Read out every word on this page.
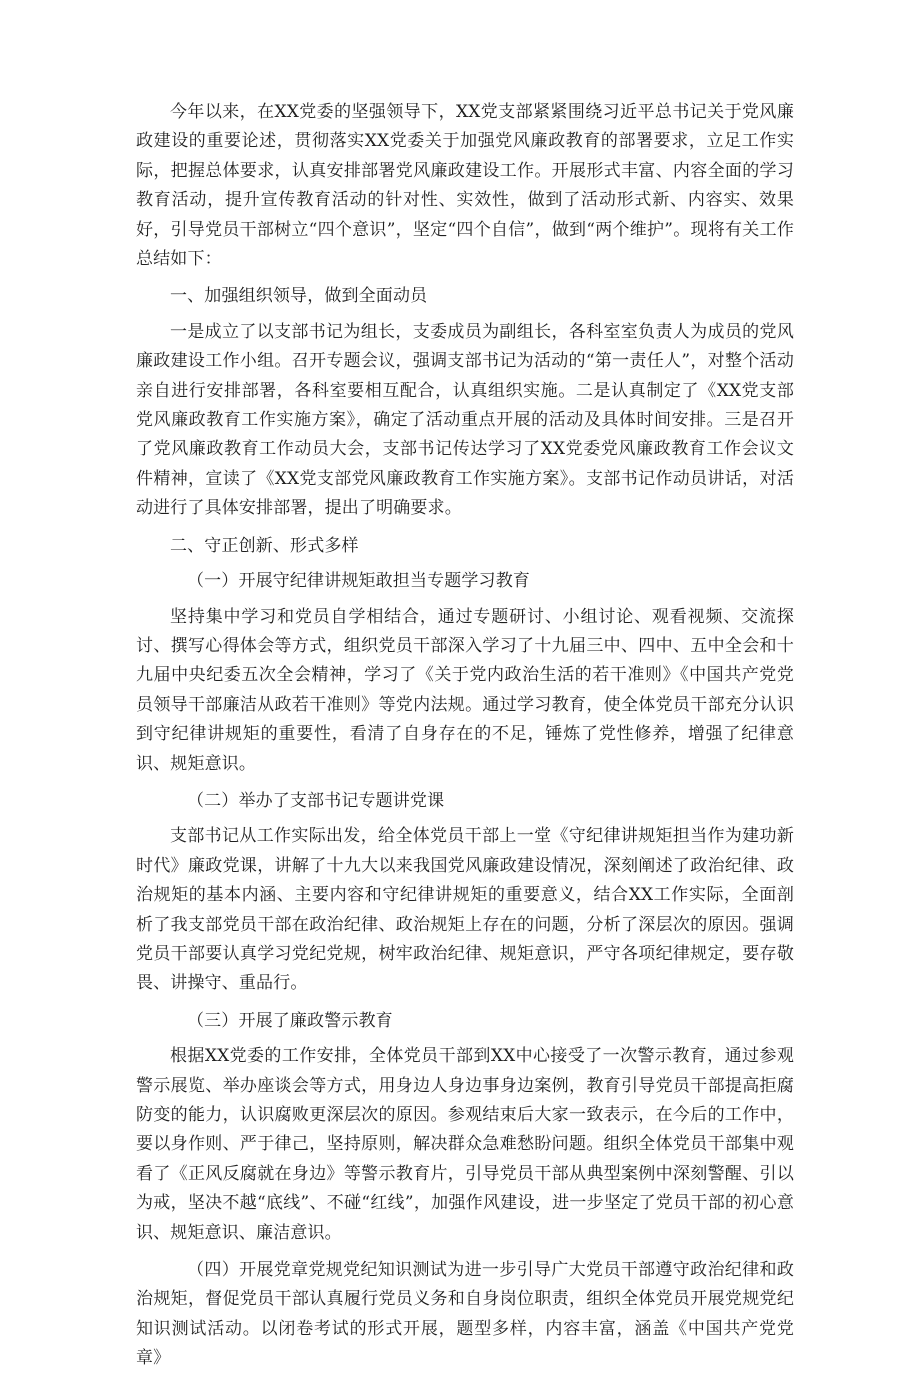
今年以来，在XX党委的坚强领导下，XX党支部紧紧围绕习近平总书记关于党风廉政建设的重要论述，贯彻落实XX党委关于加强党风廉政教育的部署要求，立足工作实际，把握总体要求，认真安排部署党风廉政建设工作。开展形式丰富、内容全面的学习教育活动，提升宣传教育活动的针对性、实效性，做到了活动形式新、内容实、效果好，引导党员干部树立“四个意识”，坚定“四个自信”，做到“两个维护”。现将有关工作总结如下：

一、加强组织领导，做到全面动员

一是成立了以支部书记为组长，支委成员为副组长，各科室室负责人为成员的党风廉政建设工作小组。召开专题会议，强调支部书记为活动的“第一责任人”，对整个活动亲自进行安排部署，各科室要相互配合，认真组织实施。二是认真制定了《XX党支部党风廉政教育工作实施方案》，确定了活动重点开展的活动及具体时间安排。三是召开了党风廉政教育工作动员大会，支部书记传达学习了XX党委党风廉政教育工作会议文件精神，宣读了《XX党支部党风廉政教育工作实施方案》。支部书记作动员讲话，对活动进行了具体安排部署，提出了明确要求。

二、守正创新、形式多样

（一）开展守纪律讲规矩敢担当专题学习教育

坚持集中学习和党员自学相结合，通过专题研讨、小组讨论、观看视频、交流探讨、撰写心得体会等方式，组织党员干部深入学习了十九届三中、四中、五中全会和十九届中央纪委五次全会精神，学习了《关于党内政治生活的若干准则》《中国共产党党员领导干部廉洁从政若干准则》等党内法规。通过学习教育，使全体党员干部充分认识到守纪律讲规矩的重要性，看清了自身存在的不足，锤炼了党性修养，增强了纪律意识、规矩意识。

（二）举办了支部书记专题讲党课

支部书记从工作实际出发，给全体党员干部上一堂《守纪律讲规矩担当作为建功新时代》廉政党课，讲解了十九大以来我国党风廉政建设情况，深刻阐述了政治纪律、政治规矩的基本内涵、主要内容和守纪律讲规矩的重要意义，结合XX工作实际，全面剖析了我支部党员干部在政治纪律、政治规矩上存在的问题，分析了深层次的原因。强调党员干部要认真学习党纪党规，树牢政治纪律、规矩意识，严守各项纪律规定，要存敬畏、讲操守、重品行。

（三）开展了廉政警示教育

根据XX党委的工作安排，全体党员干部到XX中心接受了一次警示教育，通过参观警示展览、举办座谈会等方式，用身边人身边事身边案例，教育引导党员干部提高拒腐防变的能力，认识腐败更深层次的原因。参观结束后大家一致表示，在今后的工作中，要以身作则、严于律己，坚持原则，解决群众急难愁盼问题。组织全体党员干部集中观看了《正风反腐就在身边》等警示教育片，引导党员干部从典型案例中深刻警醒、引以为戒，坚决不越“底线”、不碰“红线”，加强作风建设，进一步坚定了党员干部的初心意识、规矩意识、廉洁意识。

（四）开展党章党规党纪知识测试为进一步引导广大党员干部遵守政治纪律和政治规矩，督促党员干部认真履行党员义务和自身岗位职责，组织全体党员开展党规党纪知识测试活动。以闭卷考试的形式开展，题型多样，内容丰富，涵盖《中国共产党党章》
